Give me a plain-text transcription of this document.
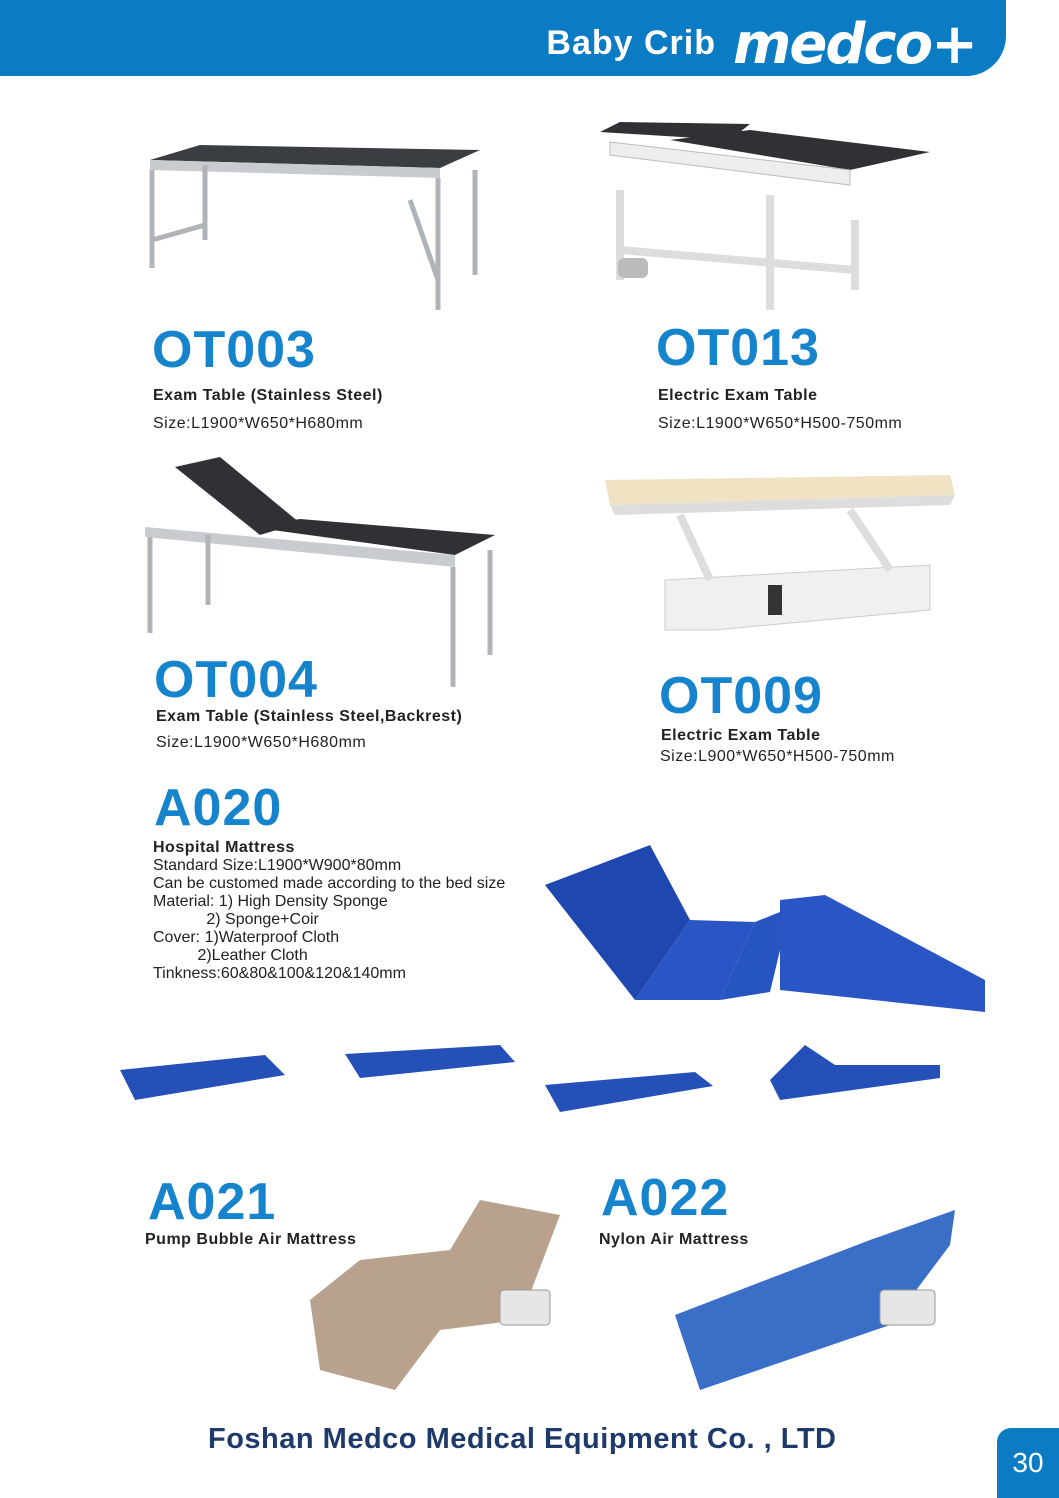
Baby Crib medco+
OT003
Exam Table (Stainless Steel)
Size:L1900*W650*H680mm
OT013
Electric Exam Table
Size:L1900*W650*H500-750mm
OT004
Exam Table (Stainless Steel,Backrest)
Size:L1900*W650*H680mm
OT009
Electric Exam Table
Size:L900*W650*H500-750mm
A020
Hospital Mattress
Standard Size:L1900*W900*80mm
Can be customed made according to the bed size
Material: 1) High Density Sponge
2) Sponge+Coir
Cover: 1)Waterproof Cloth
2)Leather Cloth
Tinkness:60&80&100&120&140mm
A021
Pump Bubble Air Mattress
A022
Nylon Air Mattress
Foshan Medco Medical Equipment Co. , LTD
30
